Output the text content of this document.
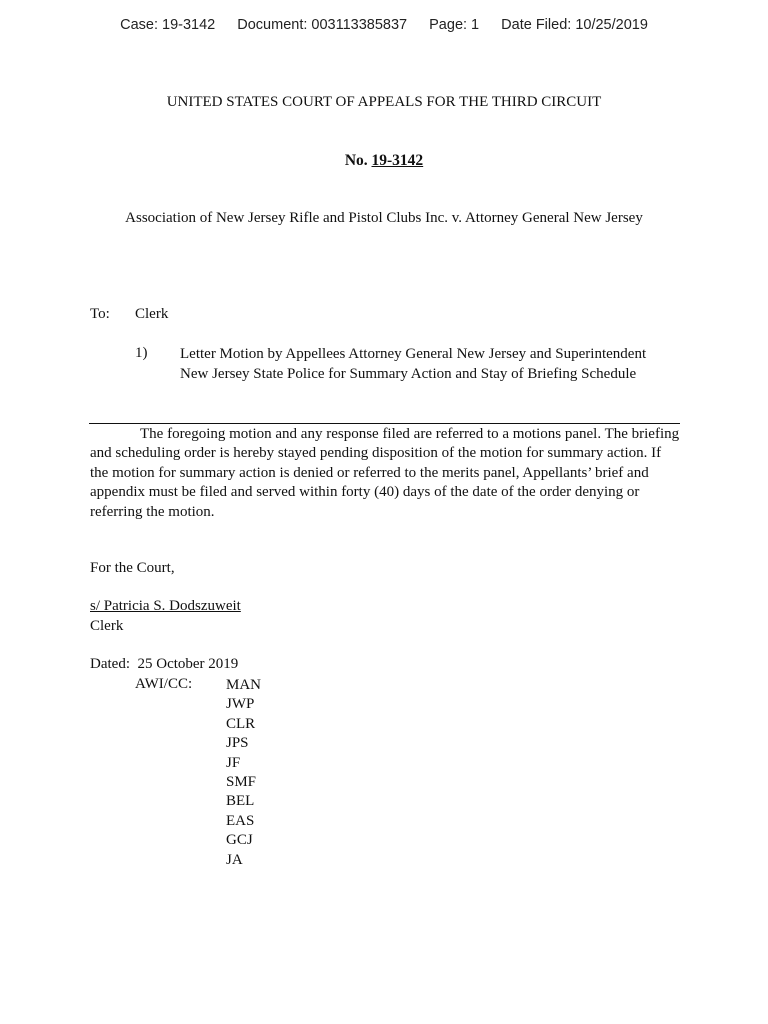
Case: 19-3142 Document: 003113385837 Page: 1 Date Filed: 10/25/2019
UNITED STATES COURT OF APPEALS FOR THE THIRD CIRCUIT
No. 19-3142
Association of New Jersey Rifle and Pistol Clubs Inc. v. Attorney General New Jersey
To: Clerk
1) Letter Motion by Appellees Attorney General New Jersey and Superintendent New Jersey State Police for Summary Action and Stay of Briefing Schedule
The foregoing motion and any response filed are referred to a motions panel. The briefing and scheduling order is hereby stayed pending disposition of the motion for summary action. If the motion for summary action is denied or referred to the merits panel, Appellants’ brief and appendix must be filed and served within forty (40) days of the date of the order denying or referring the motion.
For the Court,
s/ Patricia S. Dodszuweit
Clerk
Dated: 25 October 2019
AWI/CC: MAN
JWP
CLR
JPS
JF
SMF
BEL
EAS
GCJ
JA
